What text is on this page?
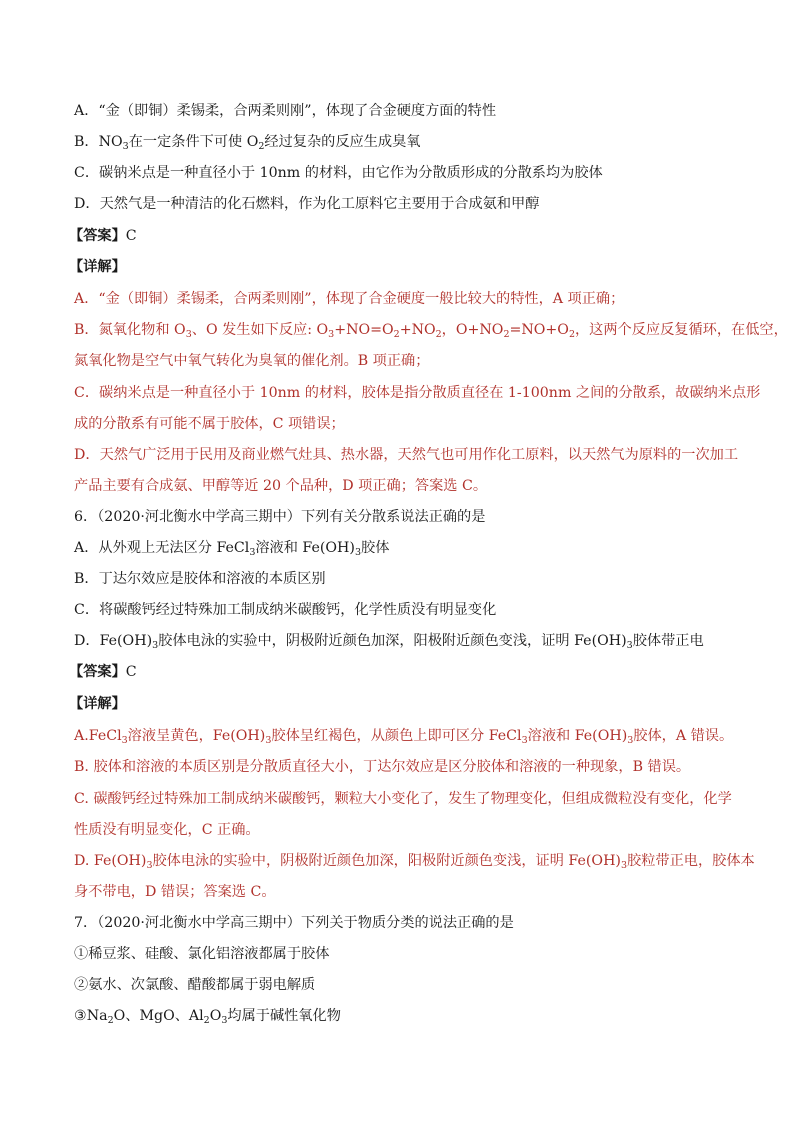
A．“金（即铜）柔锡柔，合两柔则刚”，体现了合金硬度方面的特性
B．$NO_3$在一定条件下可使 $O_2$经过复杂的反应生成臭氧
C．碳钠米点是一种直径小于 10nm 的材料，由它作为分散质形成的分散系均为胶体
D．天然气是一种清洁的化石燃料，作为化工原料它主要用于合成氨和甲醇
【答案】C
【详解】
A．“金（即铜）柔锡柔，合两柔则刚”，体现了合金硬度一般比较大的特性，A 项正确；
B．氮氧化物和 $O_3$、O 发生如下反应: $O_3+NO=O_2+NO_2$，$O+NO_2=NO+O_2$，这两个反应反复循环，在低空，
氮氧化物是空气中氧气转化为臭氧的催化剂。B 项正确；
C．碳纳米点是一种直径小于 10nm 的材料，胶体是指分散质直径在 1-100nm 之间的分散系，故碳纳米点形
成的分散系有可能不属于胶体，C 项错误；
D．天然气广泛用于民用及商业燃气灶具、热水器，天然气也可用作化工原料，以天然气为原料的一次加工
产品主要有合成氨、甲醇等近 20 个品种，D 项正确；答案选 C。
6．（2020·河北衡水中学高三期中）下列有关分散系说法正确的是
A．从外观上无法区分 FeCl$_3$溶液和 $Fe(OH)_3$胶体
B．丁达尔效应是胶体和溶液的本质区别
C．将碳酸钙经过特殊加工制成纳米碳酸钙，化学性质没有明显变化
D．$Fe(OH)_3$胶体电泳的实验中，阴极附近颜色加深，阳极附近颜色变浅，证明 $Fe(OH)_3$胶体带正电
【答案】C
【详解】
A.FeCl$_3$溶液呈黄色，$Fe(OH)_3$胶体呈红褐色，从颜色上即可区分 FeCl$_3$溶液和 $Fe(OH)_3$胶体，A 错误。
B. 胶体和溶液的本质区别是分散质直径大小，丁达尔效应是区分胶体和溶液的一种现象，B 错误。
C. 碳酸钙经过特殊加工制成纳米碳酸钙，颗粒大小变化了，发生了物理变化，但组成微粒没有变化，化学
性质没有明显变化，C 正确。
D. $Fe(OH)_3$胶体电泳的实验中，阴极附近颜色加深，阳极附近颜色变浅，证明 $Fe(OH)_3$胶粒带正电，胶体本
身不带电，D 错误；答案选 C。
7．（2020·河北衡水中学高三期中）下列关于物质分类的说法正确的是
①稀豆浆、硅酸、氯化铝溶液都属于胶体
②氨水、次氯酸、醋酸都属于弱电解质
$③Na_2O$、MgO、$Al_2O_3$均属于碱性氧化物
